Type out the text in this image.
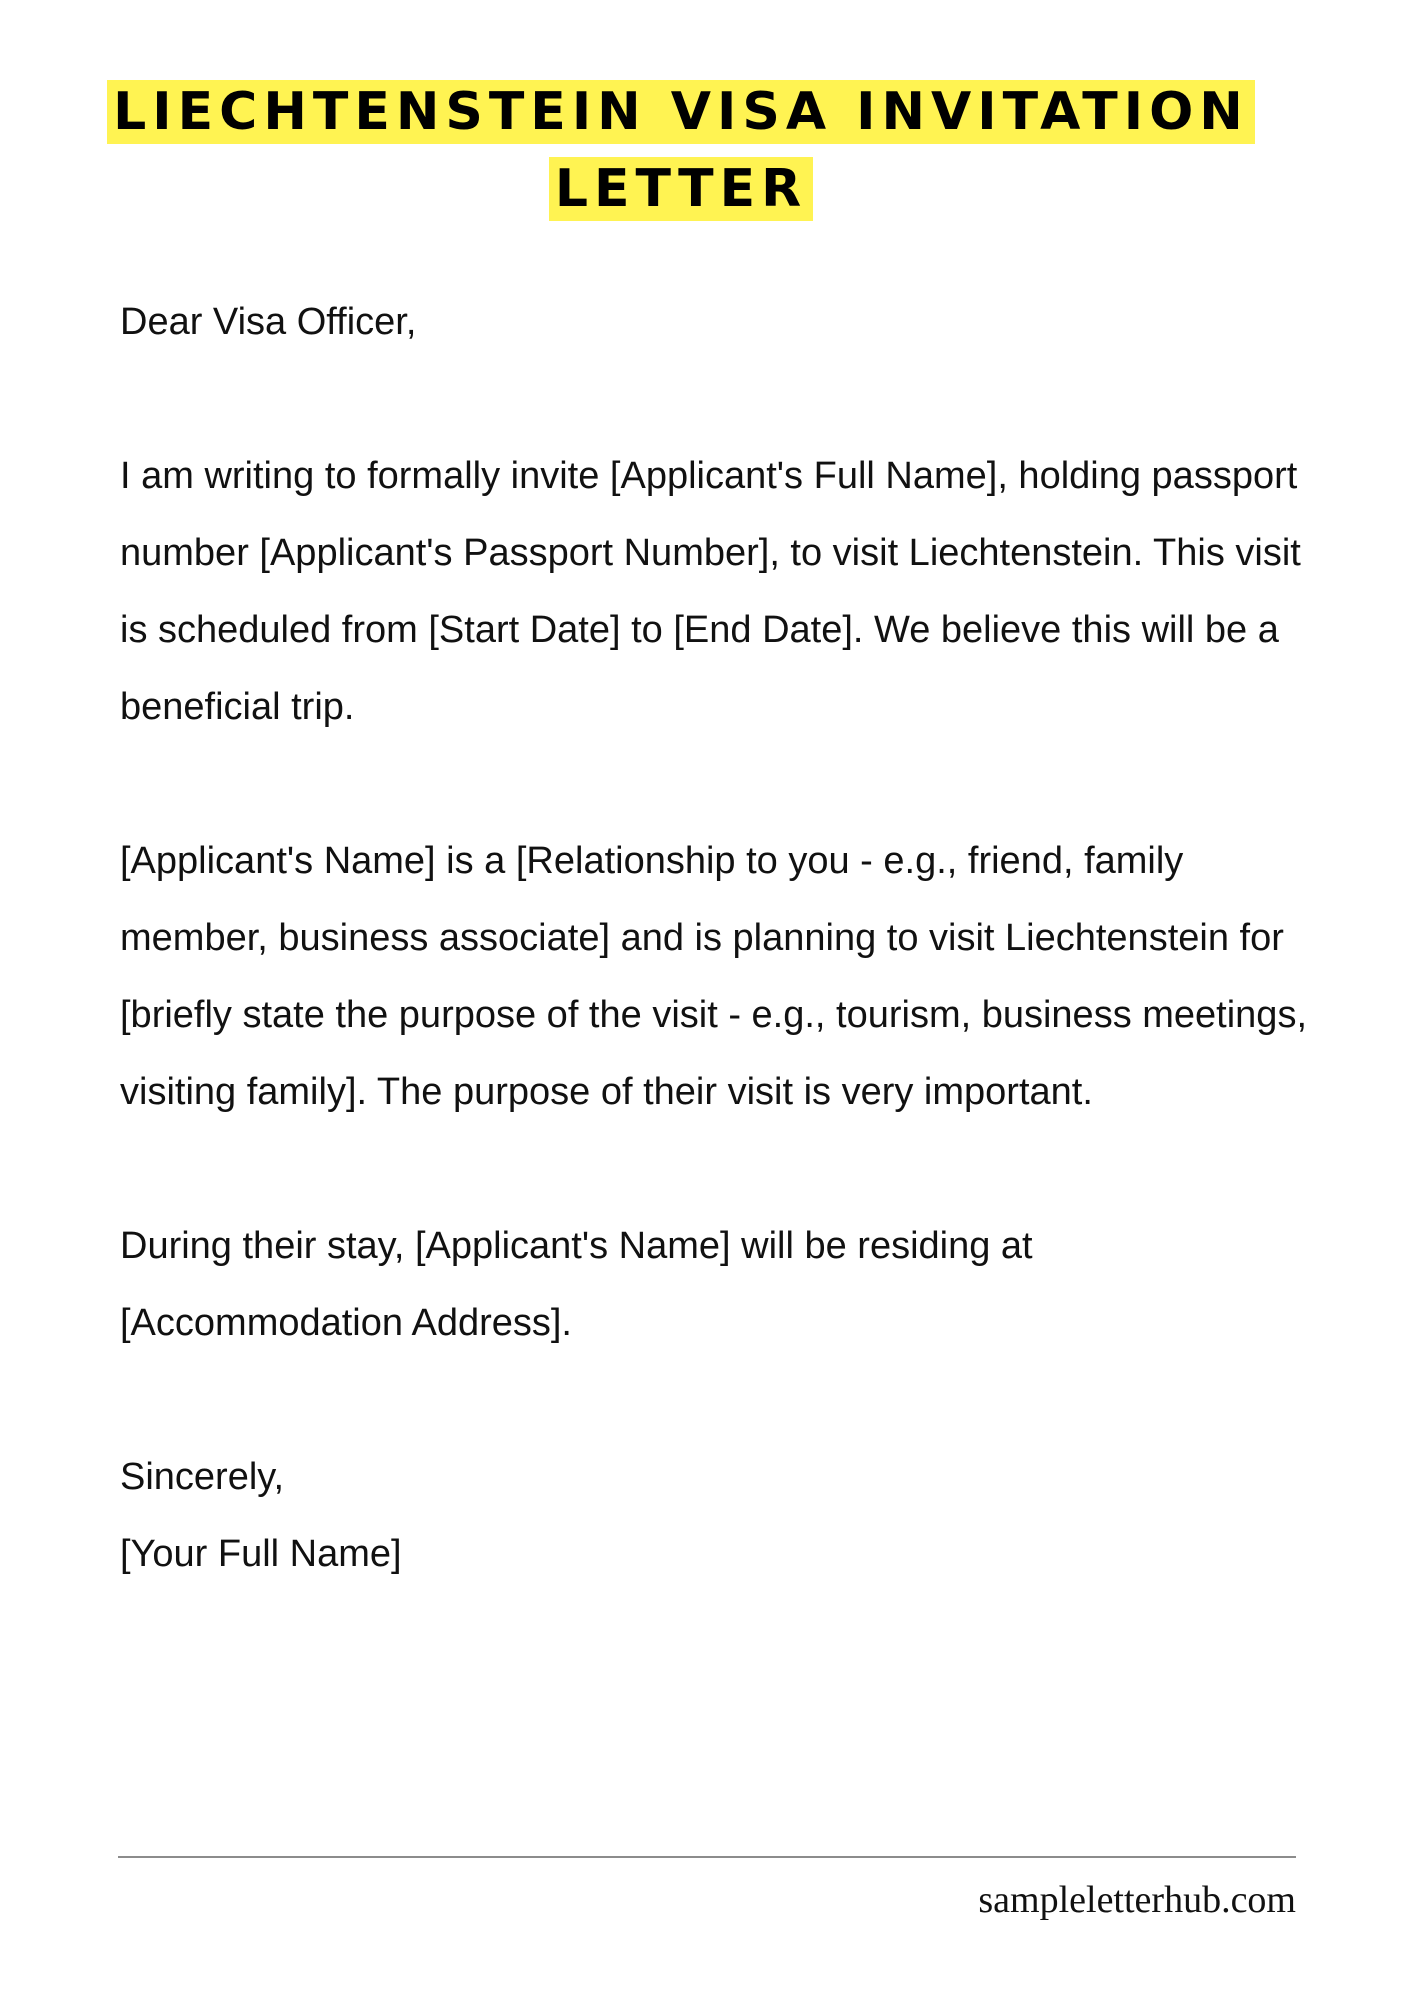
LIECHTENSTEIN VISA INVITATION LETTER

Dear Visa Officer,

I am writing to formally invite [Applicant's Full Name], holding passport number [Applicant's Passport Number], to visit Liechtenstein. This visit is scheduled from [Start Date] to [End Date]. We believe this will be a beneficial trip.

[Applicant's Name] is a [Relationship to you - e.g., friend, family member, business associate] and is planning to visit Liechtenstein for [briefly state the purpose of the visit - e.g., tourism, business meetings, visiting family]. The purpose of their visit is very important.

During their stay, [Applicant's Name] will be residing at [Accommodation Address].

Sincerely,

[Your Full Name]

sampleletterhub.com
